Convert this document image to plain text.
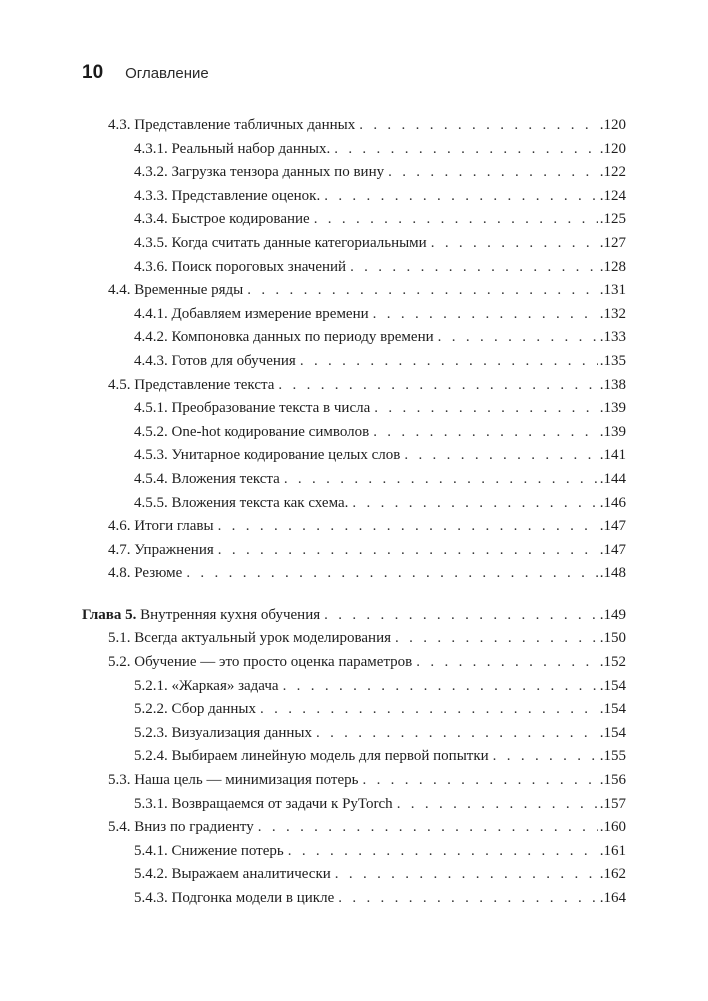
10 Оглавление
4.3. Представление табличных данных . . .	.120
4.3.1. Реальный набор данных. . . .	.120
4.3.2. Загрузка тензора данных по вину . . .	.122
4.3.3. Представление оценок. . . .	.124
4.3.4. Быстрое кодирование . . .	.125
4.3.5. Когда считать данные категориальными . . .	.127
4.3.6. Поиск пороговых значений . . .	.128
4.4. Временные ряды . . .	.131
4.4.1. Добавляем измерение времени . . .	.132
4.4.2. Компоновка данных по периоду времени . . .	.133
4.4.3. Готов для обучения . . .	.135
4.5. Представление текста . . .	.138
4.5.1. Преобразование текста в числа . . .	.139
4.5.2. One-hot кодирование символов . . .	.139
4.5.3. Унитарное кодирование целых слов . . .	.141
4.5.4. Вложения текста . . .	.144
4.5.5. Вложения текста как схема. . . .	.146
4.6. Итоги главы . . .	.147
4.7. Упражнения . . .	.147
4.8. Резюме . . .	.148
Глава 5. Внутренняя кухня обучения . . .	.149
5.1. Всегда актуальный урок моделирования . . .	.150
5.2. Обучение — это просто оценка параметров . . .	.152
5.2.1. «Жаркая» задача . . .	.154
5.2.2. Сбор данных . . .	.154
5.2.3. Визуализация данных . . .	.154
5.2.4. Выбираем линейную модель для первой попытки . . .	.155
5.3. Наша цель — минимизация потерь . . .	.156
5.3.1. Возвращаемся от задачи к PyTorch . . .	.157
5.4. Вниз по градиенту . . .	.160
5.4.1. Снижение потерь . . .	.161
5.4.2. Выражаем аналитически . . .	.162
5.4.3. Подгонка модели в цикле . . .	.164
